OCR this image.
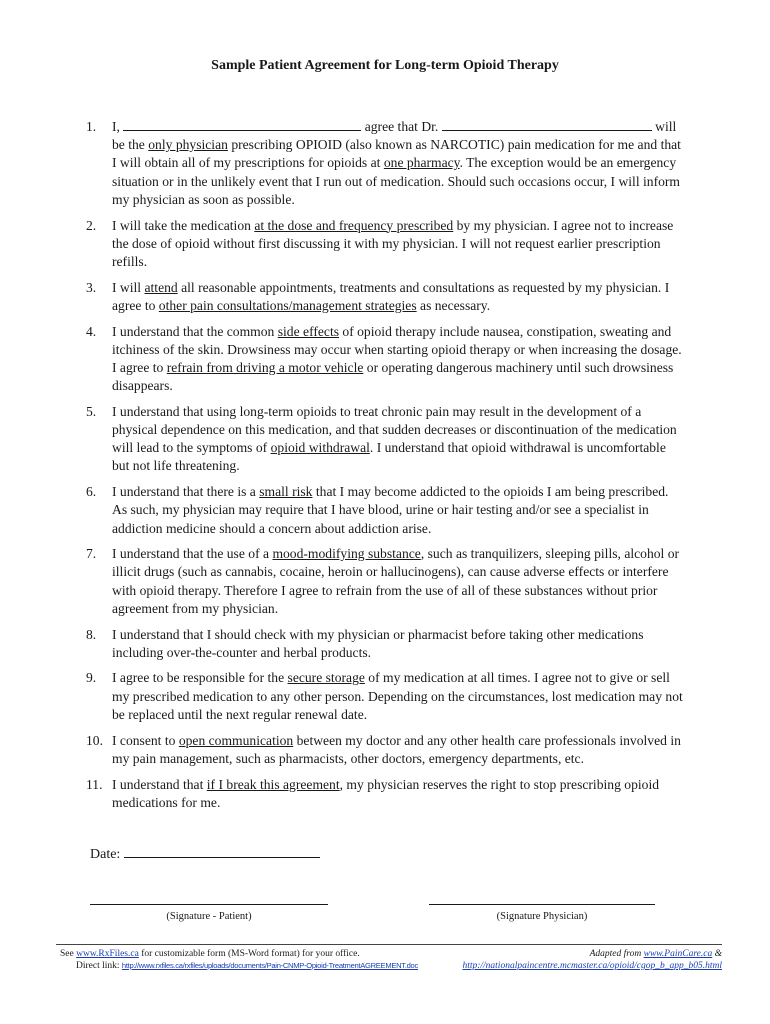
Sample Patient Agreement for Long-term Opioid Therapy
1. I,	agree that Dr.	will be the only physician prescribing OPIOID (also known as NARCOTIC) pain medication for me and that I will obtain all of my prescriptions for opioids at one pharmacy. The exception would be an emergency situation or in the unlikely event that I run out of medication. Should such occasions occur, I will inform my physician as soon as possible.
2. I will take the medication at the dose and frequency prescribed by my physician. I agree not to increase the dose of opioid without first discussing it with my physician. I will not request earlier prescription refills.
3. I will attend all reasonable appointments, treatments and consultations as requested by my physician. I agree to other pain consultations/management strategies as necessary.
4. I understand that the common side effects of opioid therapy include nausea, constipation, sweating and itchiness of the skin. Drowsiness may occur when starting opioid therapy or when increasing the dosage. I agree to refrain from driving a motor vehicle or operating dangerous machinery until such drowsiness disappears.
5. I understand that using long-term opioids to treat chronic pain may result in the development of a physical dependence on this medication, and that sudden decreases or discontinuation of the medication will lead to the symptoms of opioid withdrawal. I understand that opioid withdrawal is uncomfortable but not life threatening.
6. I understand that there is a small risk that I may become addicted to the opioids I am being prescribed. As such, my physician may require that I have blood, urine or hair testing and/or see a specialist in addiction medicine should a concern about addiction arise.
7. I understand that the use of a mood-modifying substance, such as tranquilizers, sleeping pills, alcohol or illicit drugs (such as cannabis, cocaine, heroin or hallucinogens), can cause adverse effects or interfere with opioid therapy. Therefore I agree to refrain from the use of all of these substances without prior agreement from my physician.
8. I understand that I should check with my physician or pharmacist before taking other medications including over-the-counter and herbal products.
9. I agree to be responsible for the secure storage of my medication at all times. I agree not to give or sell my prescribed medication to any other person. Depending on the circumstances, lost medication may not be replaced until the next regular renewal date.
10. I consent to open communication between my doctor and any other health care professionals involved in my pain management, such as pharmacists, other doctors, emergency departments, etc.
11. I understand that if I break this agreement, my physician reserves the right to stop prescribing opioid medications for me.
Date:
(Signature - Patient)	(Signature Physician)
See www.RxFiles.ca for customizable form (MS-Word format) for your office.
Direct link: http://www.rxfiles.ca/rxfiles/uploads/documents/Pain-CNMP-Opioid-TreatmentAGREEMENT.doc
Adapted from www.PainCare.ca &
http://nationalpaincentre.mcmaster.ca/opioid/cgop_b_app_b05.html
